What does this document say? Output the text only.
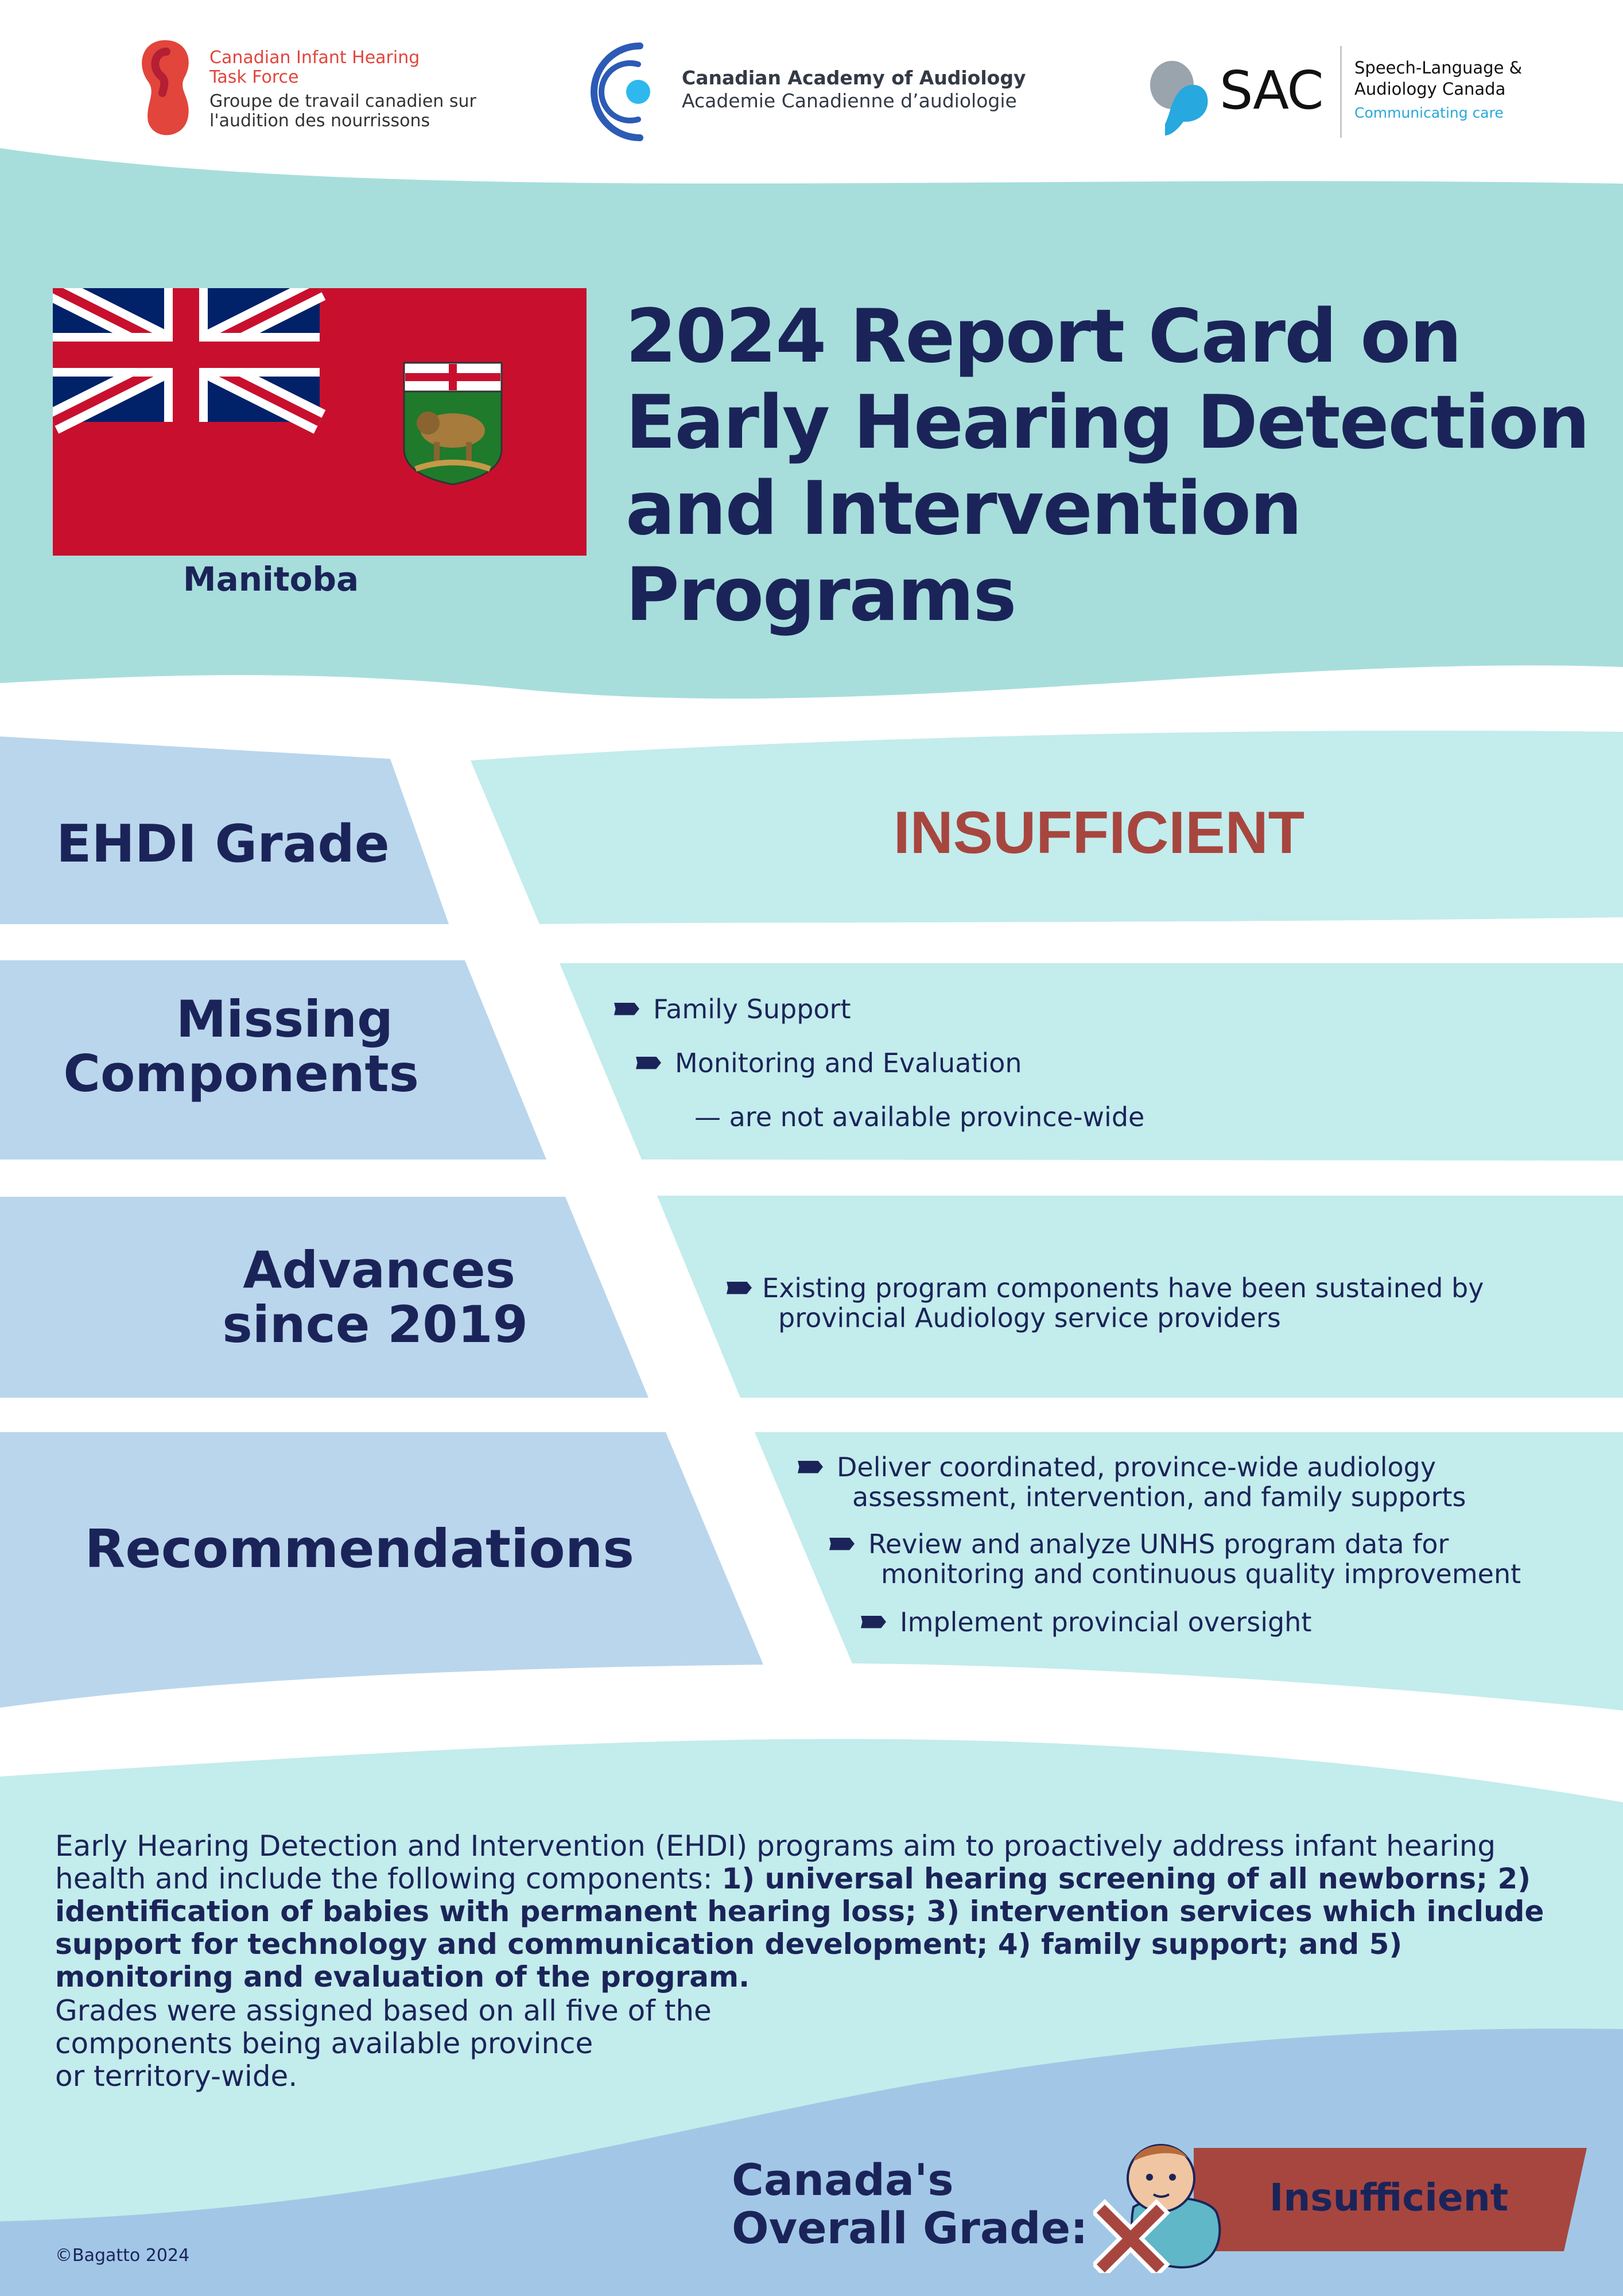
Canadian Infant Hearing
Task Force
Groupe de travail canadien sur
l'audition des nourrissons
Canadian Academy of Audiology
Academie Canadienne d’audiologie	SAC Speech-Language &
Audiology Canada
Communicating care
Manitoba
2024 Report Card on
Early Hearing Detection
and Intervention Programs
EHDI Grade	INSUFFICIENT
Missing
Components
Family Support
Monitoring and Evaluation
— are not available province-wide
Advances
since 2019
Existing program components have been sustained by
provincial Audiology service providers
Recommendations
Deliver coordinated, province-wide audiology
assessment, intervention, and family supports
Review and analyze UNHS program data for
monitoring and continuous quality improvement
Implement provincial oversight
Early Hearing Detection and Intervention (EHDI) programs aim to proactively address infant hearing health and include the following components: 1) universal hearing screening of all newborns; 2) identification of babies with permanent hearing loss; 3) intervention services which include support for technology and communication development; 4) family support; and 5) monitoring and evaluation of the program.
Grades were assigned based on all five of the
components being available province
or territory-wide.
Canada's
Overall Grade:
Insufficient
©Bagatto 2024
